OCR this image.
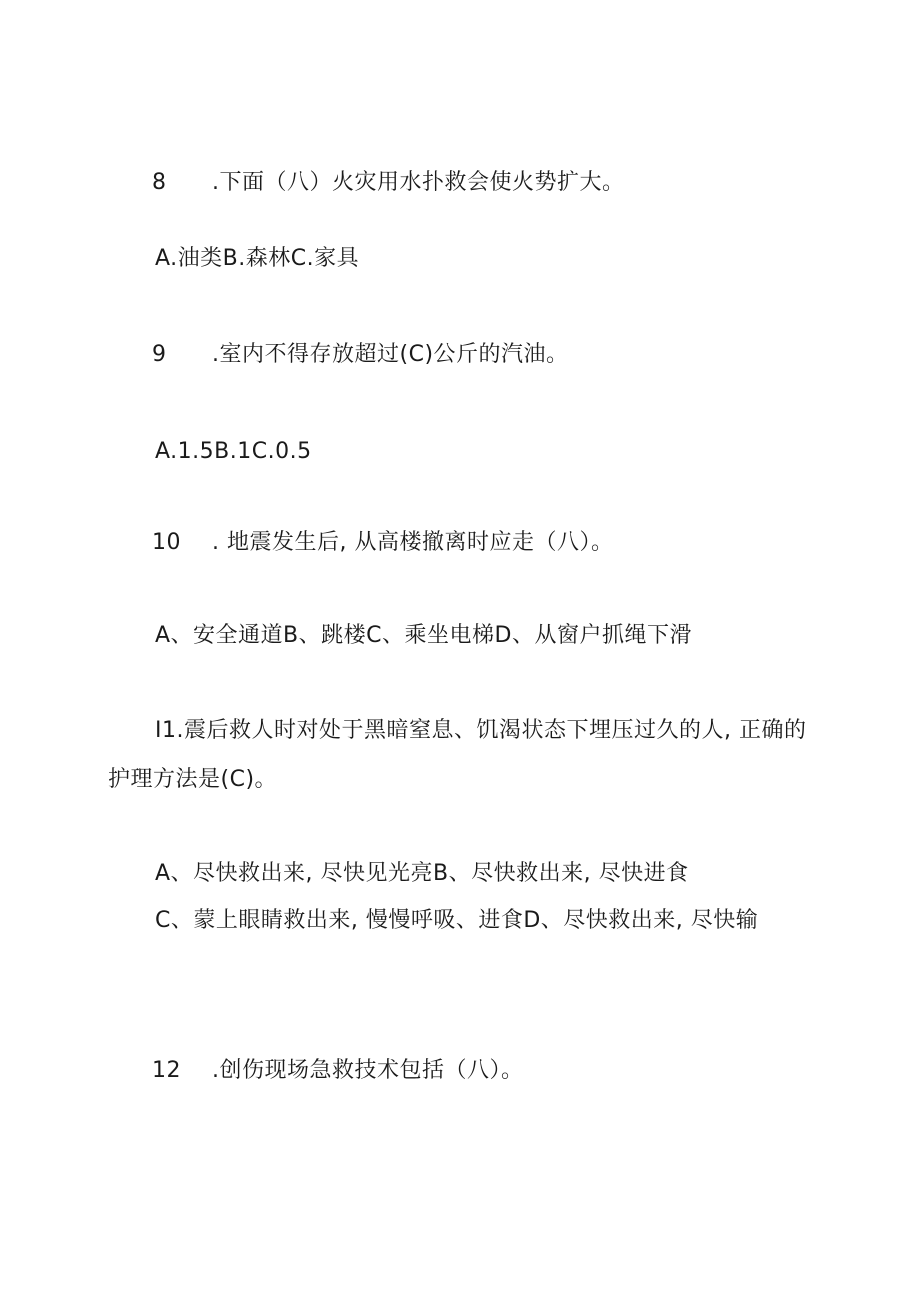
8 .下面（八）火灾用水扑救会使火势扩大。
A.油类B.森林C.家具
9 .室内不得存放超过(C)公斤的汽油。
A.1.5B.1C.0.5
10 . 地震发生后, 从高楼撤离时应走（八）。
A、安全通道B、跳楼C、乘坐电梯D、从窗户抓绳下滑
I1.震后救人时对处于黑暗窒息、饥渴状态下埋压过久的人, 正确的
护理方法是(C)。
A、尽快救出来, 尽快见光亮B、尽快救出来, 尽快进食
C、蒙上眼睛救出来, 慢慢呼吸、进食D、尽快救出来, 尽快输
12 .创伤现场急救技术包括（八）。
